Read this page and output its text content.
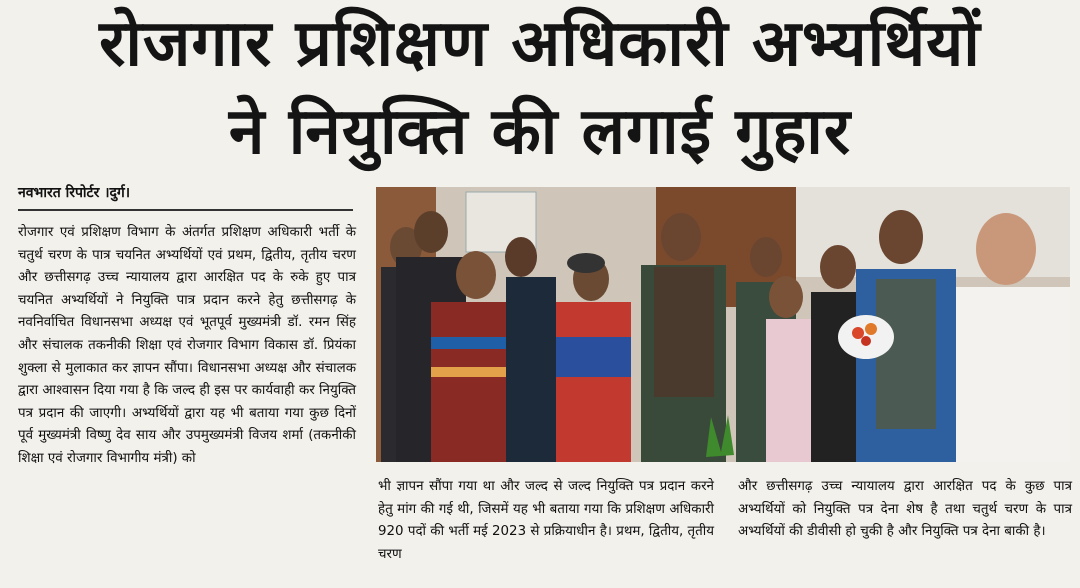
रोजगार प्रशिक्षण अधिकारी अभ्यर्थियों
ने नियुक्ति की लगाई गुहार
नवभारत रिपोर्टर ।दुर्ग।
रोजगार एवं प्रशिक्षण विभाग के अंतर्गत प्रशिक्षण अधिकारी भर्ती के चतुर्थ चरण के पात्र चयनित अभ्यर्थियों एवं प्रथम, द्वितीय, तृतीय चरण और छत्तीसगढ़ उच्च न्यायालय द्वारा आरक्षित पद के रुके हुए पात्र चयनित अभ्यर्थियों ने नियुक्ति पात्र प्रदान करने हेतु छत्तीसगढ़ के नवनिर्वाचित विधानसभा अध्यक्ष एवं भूतपूर्व मुख्यमंत्री डॉ. रमन सिंह और संचालक तकनीकी शिक्षा एवं रोजगार विभाग विकास डॉ. प्रियंका शुक्ला से मुलाकात कर ज्ञापन सौंपा। विधानसभा अध्यक्ष और संचालक द्वारा आश्वासन दिया गया है कि जल्द ही इस पर कार्यवाही कर नियुक्ति पत्र प्रदान की जाएगी। अभ्यर्थियों द्वारा यह भी बताया गया कुछ दिनों पूर्व मुख्यमंत्री विष्णु देव साय और उपमुख्यमंत्री विजय शर्मा (तकनीकी शिक्षा एवं रोजगार विभागीय मंत्री) को
भी ज्ञापन सौंपा गया था और जल्द से जल्द नियुक्ति पत्र प्रदान करने हेतु मांग की गई थी, जिसमें यह भी बताया गया कि प्रशिक्षण अधिकारी 920 पदों की भर्ती मई 2023 से प्रक्रियाधीन है। प्रथम, द्वितीय, तृतीय चरण
और छत्तीसगढ़ उच्च न्यायालय द्वारा आरक्षित पद के कुछ पात्र अभ्यर्थियों को नियुक्ति पत्र देना शेष है तथा चतुर्थ चरण के पात्र अभ्यर्थियों की डीवीसी हो चुकी है और नियुक्ति पत्र देना बाकी है।
